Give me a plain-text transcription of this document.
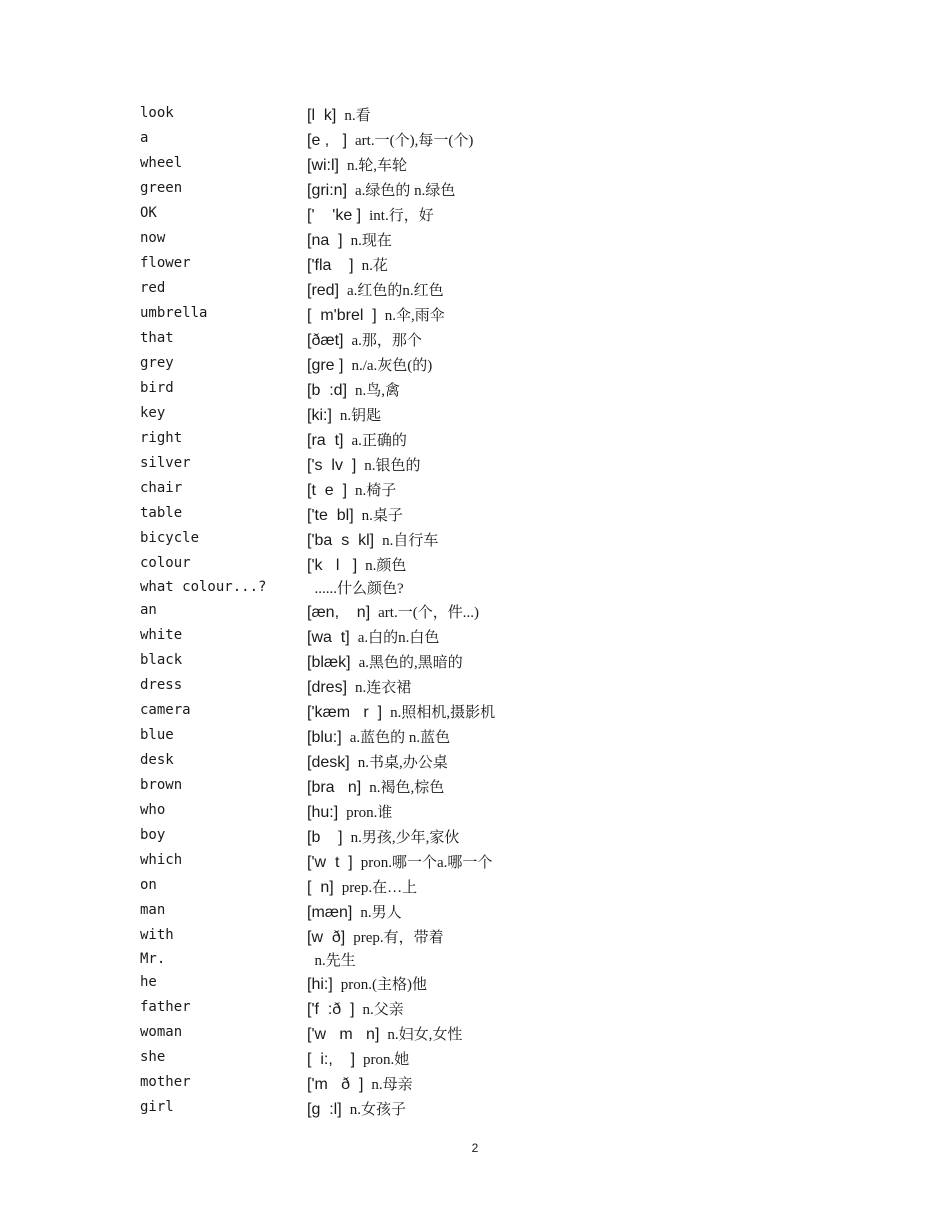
look	[l  k] n.看
a	[e ,   ] art.一(个),每一(个)
wheel	[wi:l] n.轮,车轮
green	[gri:n] a.绿色的 n.绿色
OK	['    'ke ] int.行，好
now	[na  ] n.现在
flower	['fla    ] n.花
red	[red] a.红色的n.红色
umbrella	[  m'brel  ] n.伞,雨伞
that	[ðæt] a.那，那个
grey	[gre ] n./a.灰色(的)
bird	[b  :d] n.鸟,禽
key	[ki:] n.钥匙
right	[ra  t] a.正确的
silver	['s  lv  ] n.银色的
chair	[t  e  ] n.椅子
table	['te  bl] n.桌子
bicycle	['ba  s  kl] n.自行车
colour	['k   l   ] n.颜色
what colour...?	......什么颜色?
an	[æn,    n] art.一(个，件...)
white	[wa  t] a.白的n.白色
black	[blæk] a.黑色的,黑暗的
dress	[dres] n.连衣裙
camera	['kæm   r  ] n.照相机,摄影机
blue	[blu:] a.蓝色的 n.蓝色
desk	[desk] n.书桌,办公桌
brown	[bra   n] n.褐色,棕色
who	[hu:] pron.谁
boy	[b    ] n.男孩,少年,家伙
which	['w  t  ] pron.哪一个a.哪一个
on	[  n] prep.在…上
man	[mæn] n.男人
with	[w  ð] prep.有，带着
Mr.	n.先生
he	[hi:] pron.(主格)他
father	['f  :ð  ] n.父亲
woman	['w   m   n] n.妇女,女性
she	[  i:,    ] pron.她
mother	['m   ð  ] n.母亲
girl	[g  :l] n.女孩子
2
